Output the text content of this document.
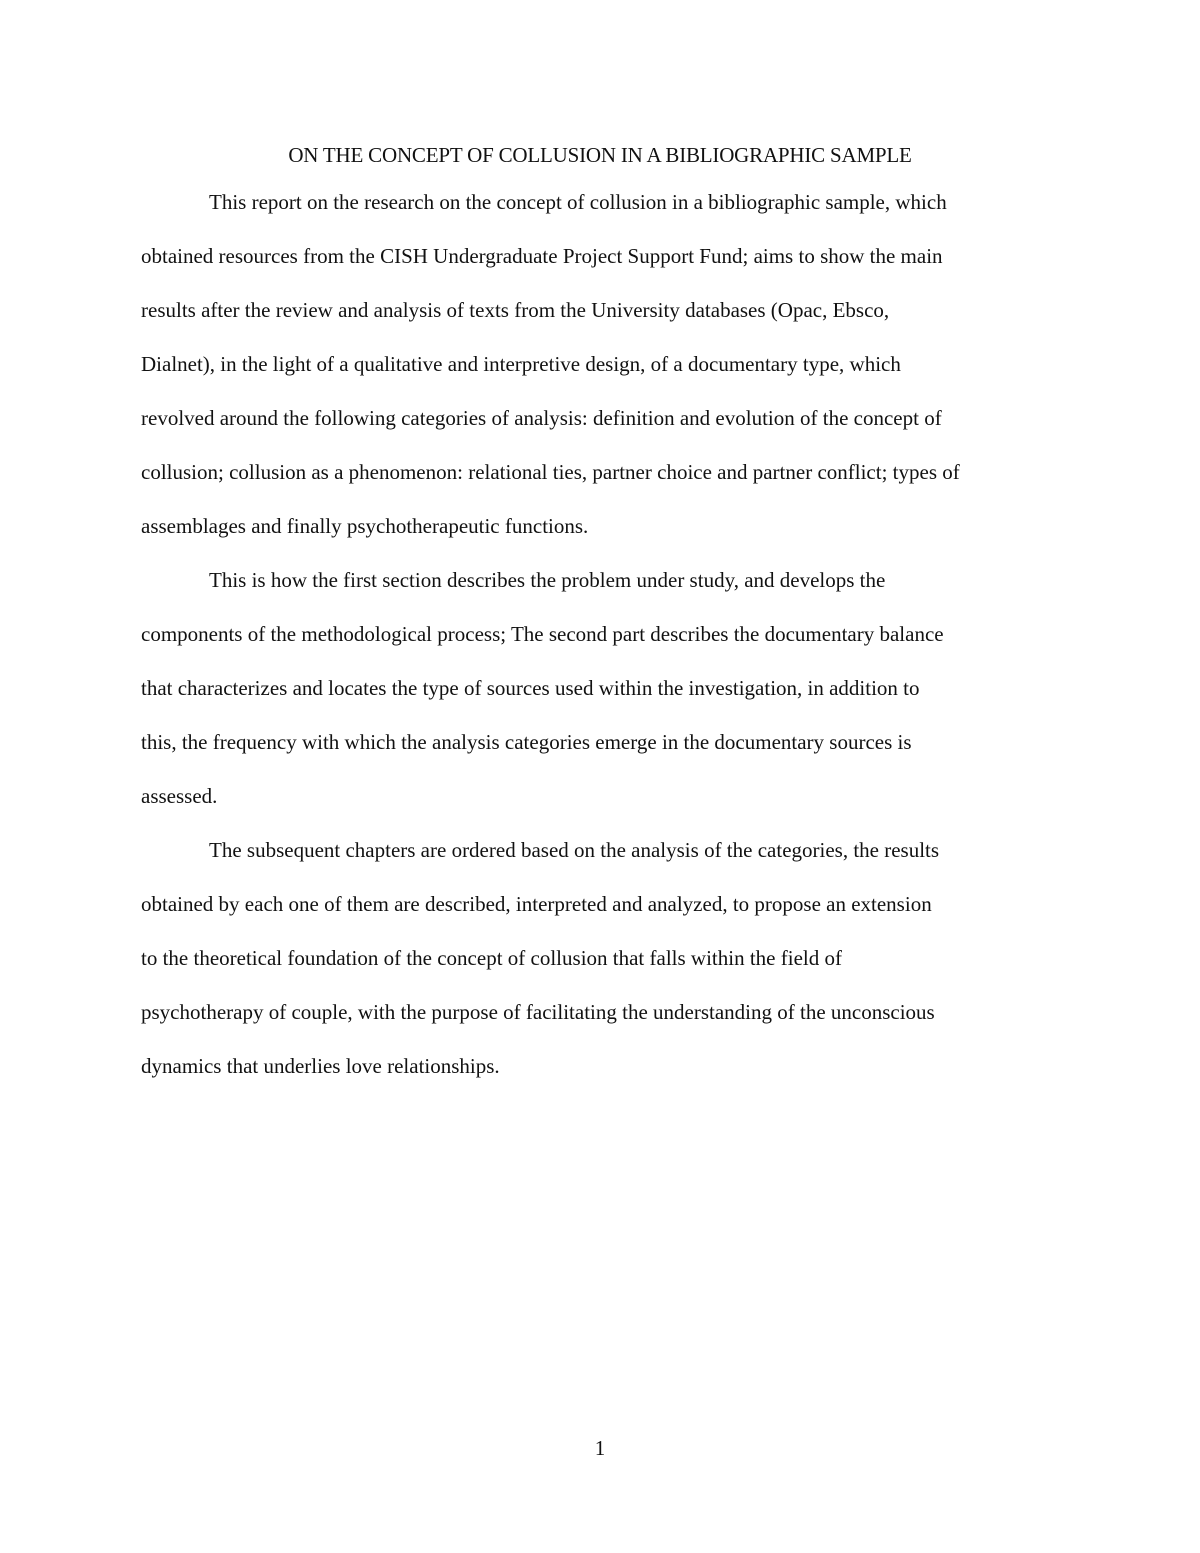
ON THE CONCEPT OF COLLUSION IN A BIBLIOGRAPHIC SAMPLE
This report on the research on the concept of collusion in a bibliographic sample, which
obtained resources from the CISH Undergraduate Project Support Fund; aims to show the main
results after the review and analysis of texts from the University databases (Opac, Ebsco,
Dialnet), in the light of a qualitative and interpretive design, of a documentary type, which
revolved around the following categories of analysis: definition and evolution of the concept of
collusion; collusion as a phenomenon: relational ties, partner choice and partner conflict; types of
assemblages and finally psychotherapeutic functions.
This is how the first section describes the problem under study, and develops the
components of the methodological process; The second part describes the documentary balance
that characterizes and locates the type of sources used within the investigation, in addition to
this, the frequency with which the analysis categories emerge in the documentary sources is
assessed.
The subsequent chapters are ordered based on the analysis of the categories, the results
obtained by each one of them are described, interpreted and analyzed, to propose an extension
to the theoretical foundation of the concept of collusion that falls within the field of
psychotherapy of couple, with the purpose of facilitating the understanding of the unconscious
dynamics that underlies love relationships.
1
